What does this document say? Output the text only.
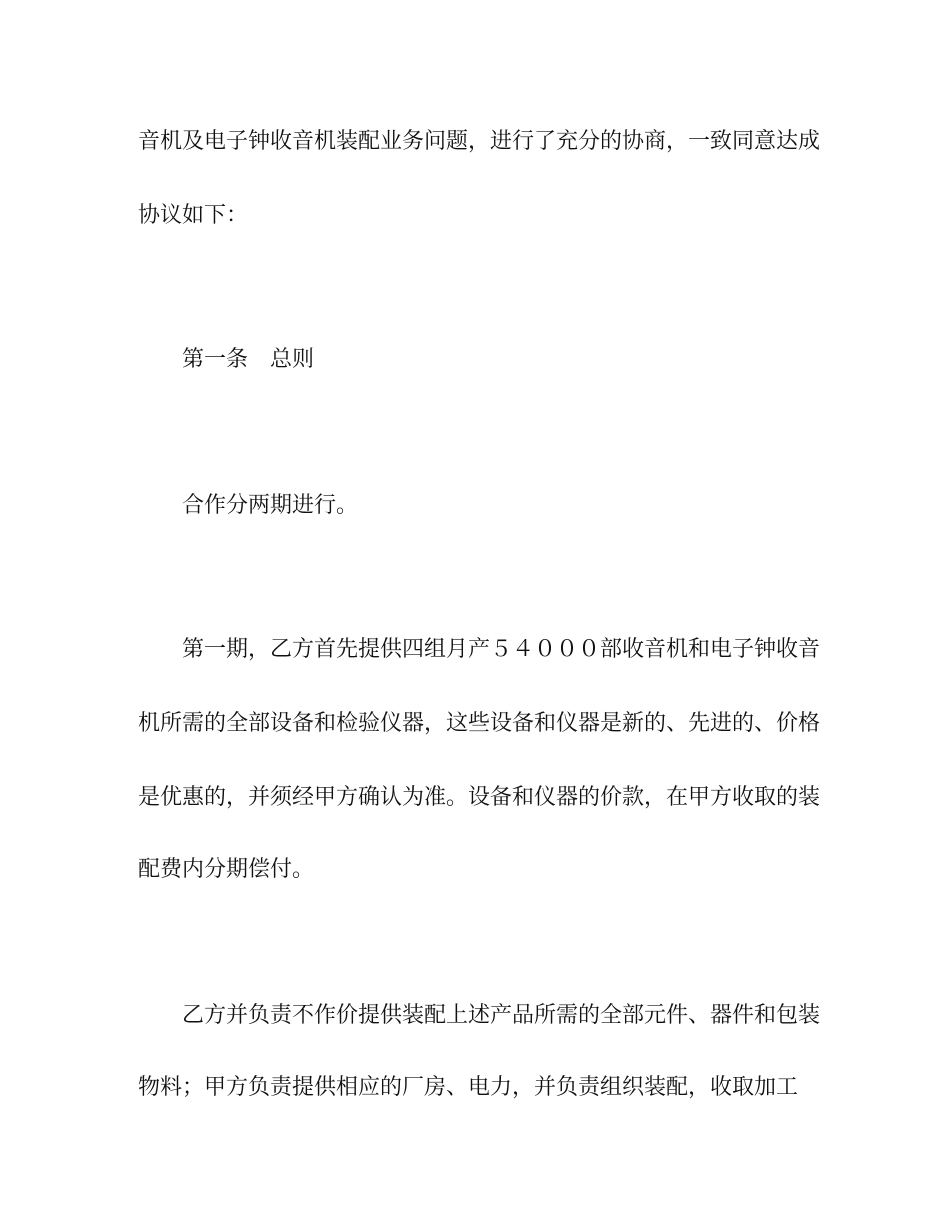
音机及电子钟收音机装配业务问题，进行了充分的协商，一致同意达成
协议如下：
第一条　总则
合作分两期进行。
第一期，乙方首先提供四组月产５４０００部收音机和电子钟收音
机所需的全部设备和检验仪器，这些设备和仪器是新的、先进的、价格
是优惠的，并须经甲方确认为准。设备和仪器的价款，在甲方收取的装
配费内分期偿付。
乙方并负责不作价提供装配上述产品所需的全部元件、器件和包装
物料；甲方负责提供相应的厂房、电力，并负责组织装配，收取加工
